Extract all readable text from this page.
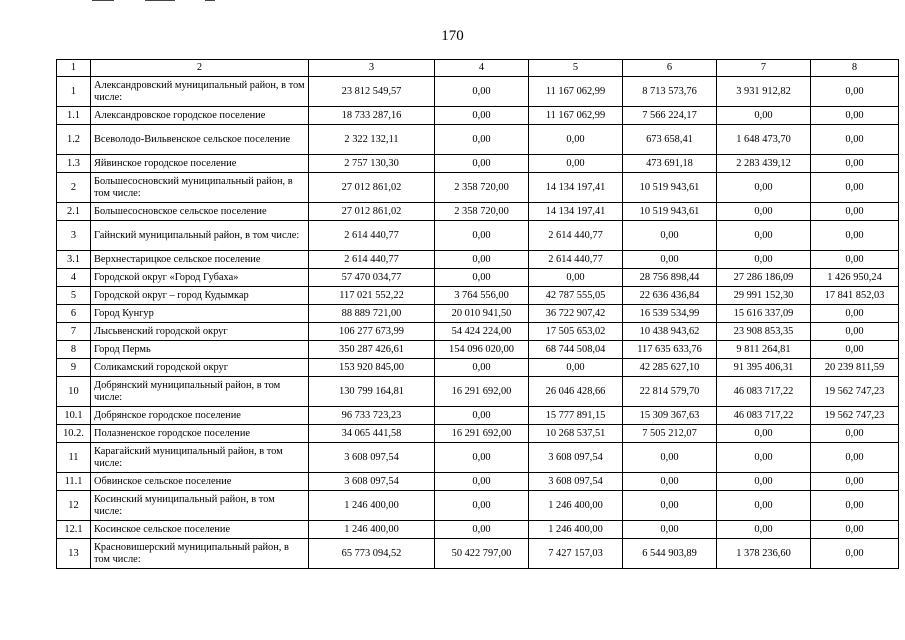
170
1	2	3	4	5	6	7	8
1	Александровский муниципальный район, в том числе:	23 812 549,57	0,00	11 167 062,99	8 713 573,76	3 931 912,82	0,00
1.1	Александровское городское поселение	18 733 287,16	0,00	11 167 062,99	7 566 224,17	0,00	0,00
1.2	Всеволодо-Вильвенское сельское поселение	2 322 132,11	0,00	0,00	673 658,41	1 648 473,70	0,00
1.3	Яйвинское городское поселение	2 757 130,30	0,00	0,00	473 691,18	2 283 439,12	0,00
2	Большесосновский муниципальный район, в том числе:	27 012 861,02	2 358 720,00	14 134 197,41	10 519 943,61	0,00	0,00
2.1	Большесосновское сельское поселение	27 012 861,02	2 358 720,00	14 134 197,41	10 519 943,61	0,00	0,00
3	Гайнский муниципальный район, в том числе:	2 614 440,77	0,00	2 614 440,77	0,00	0,00	0,00
3.1	Верхнестарицкое сельское поселение	2 614 440,77	0,00	2 614 440,77	0,00	0,00	0,00
4	Городской округ «Город Губаха»	57 470 034,77	0,00	0,00	28 756 898,44	27 286 186,09	1 426 950,24
5	Городской округ – город Кудымкар	117 021 552,22	3 764 556,00	42 787 555,05	22 636 436,84	29 991 152,30	17 841 852,03
6	Город Кунгур	88 889 721,00	20 010 941,50	36 722 907,42	16 539 534,99	15 616 337,09	0,00
7	Лысьвенский городской округ	106 277 673,99	54 424 224,00	17 505 653,02	10 438 943,62	23 908 853,35	0,00
8	Город Пермь	350 287 426,61	154 096 020,00	68 744 508,04	117 635 633,76	9 811 264,81	0,00
9	Соликамский городской округ	153 920 845,00	0,00	0,00	42 285 627,10	91 395 406,31	20 239 811,59
10	Добрянский муниципальный район, в том числе:	130 799 164,81	16 291 692,00	26 046 428,66	22 814 579,70	46 083 717,22	19 562 747,23
10.1	Добрянское городское поселение	96 733 723,23	0,00	15 777 891,15	15 309 367,63	46 083 717,22	19 562 747,23
10.2.	Полазненское городское поселение	34 065 441,58	16 291 692,00	10 268 537,51	7 505 212,07	0,00	0,00
11	Карагайский муниципальный район, в том числе:	3 608 097,54	0,00	3 608 097,54	0,00	0,00	0,00
11.1	Обвинское сельское поселение	3 608 097,54	0,00	3 608 097,54	0,00	0,00	0,00
12	Косинский муниципальный район, в том числе:	1 246 400,00	0,00	1 246 400,00	0,00	0,00	0,00
12.1	Косинское сельское поселение	1 246 400,00	0,00	1 246 400,00	0,00	0,00	0,00
13	Красновишерский муниципальный район, в том числе:	65 773 094,52	50 422 797,00	7 427 157,03	6 544 903,89	1 378 236,60	0,00
